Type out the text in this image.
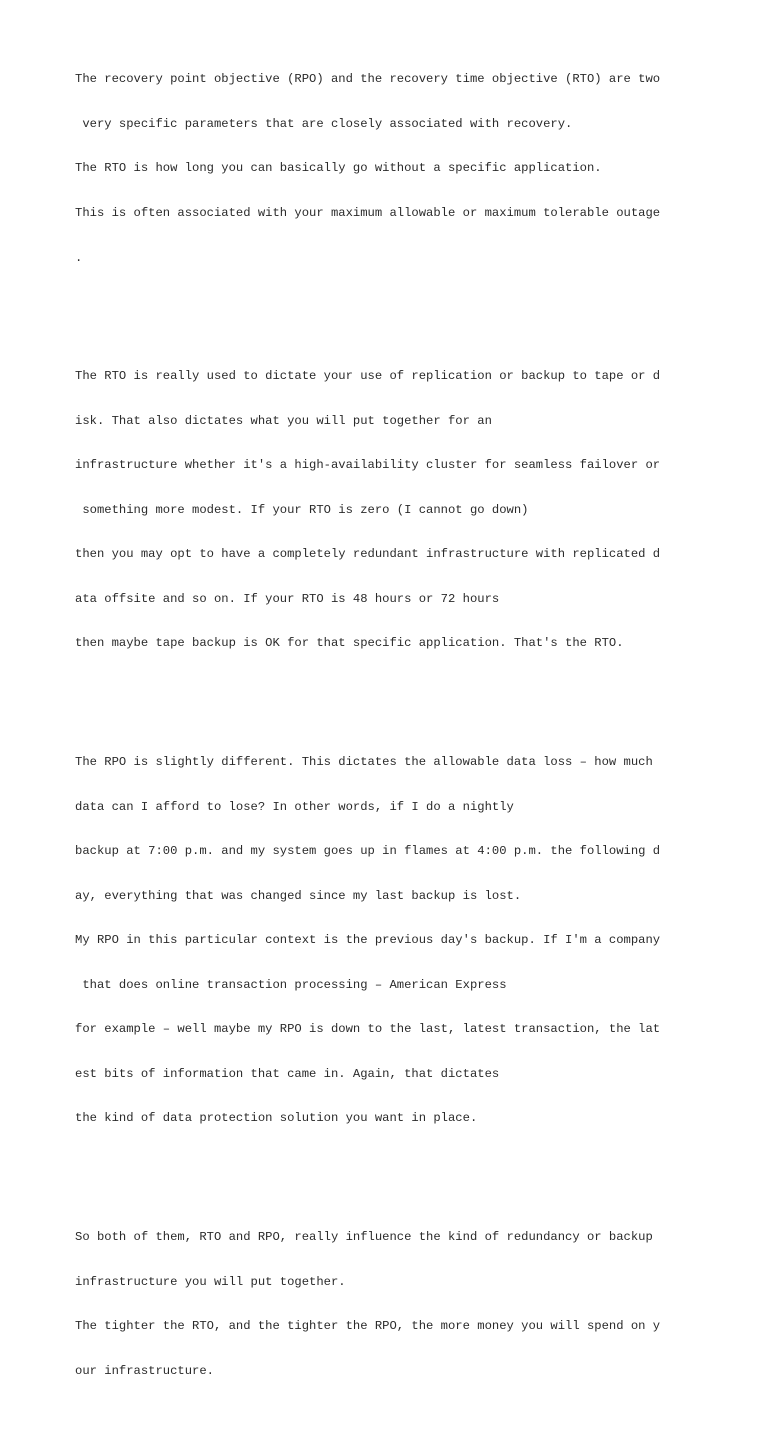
The recovery point objective (RPO) and the recovery time objective (RTO) are two

very specific parameters that are closely associated with recovery.

The RTO is how long you can basically go without a specific application.

This is often associated with your maximum allowable or maximum tolerable outage

.

The RTO is really used to dictate your use of replication or backup to tape or d

isk. That also dictates what you will put together for an

infrastructure whether it's a high-availability cluster for seamless failover or

something more modest. If your RTO is zero (I cannot go down)

then you may opt to have a completely redundant infrastructure with replicated d

ata offsite and so on. If your RTO is 48 hours or 72 hours

then maybe tape backup is OK for that specific application. That's the RTO.

The RPO is slightly different. This dictates the allowable data loss – how much

data can I afford to lose? In other words, if I do a nightly

backup at 7:00 p.m. and my system goes up in flames at 4:00 p.m. the following d

ay, everything that was changed since my last backup is lost.

My RPO in this particular context is the previous day's backup. If I'm a company

that does online transaction processing – American Express

for example – well maybe my RPO is down to the last, latest transaction, the lat

est bits of information that came in. Again, that dictates

the kind of data protection solution you want in place.

So both of them, RTO and RPO, really influence the kind of redundancy or backup

infrastructure you will put together.

The tighter the RTO, and the tighter the RPO, the more money you will spend on y

our infrastructure.
